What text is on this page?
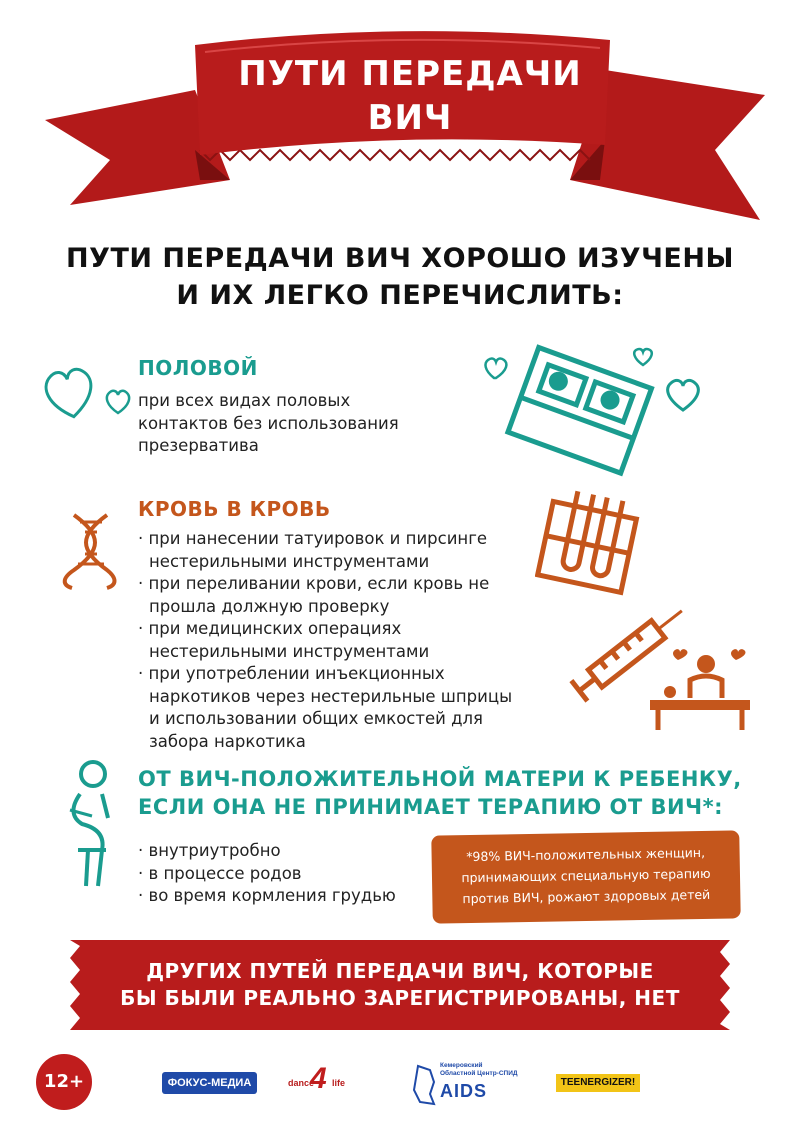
ПУТИ ПЕРЕДАЧИ
ВИЧ
ПУТИ ПЕРЕДАЧИ ВИЧ ХОРОШО ИЗУЧЕНЫ
И ИХ ЛЕГКО ПЕРЕЧИСЛИТЬ:
ПОЛОВОЙ
при всех видах половых
контактов без использования
презерватива
КРОВЬ В КРОВЬ

· при нанесении татуировок и пирсинге нестерильными инструментами

· при переливании крови, если кровь не прошла должную проверку

· при медицинских операциях нестерильными инструментами

· при употреблении инъекционных наркотиков через нестерильные шприцы и использовании общих емкостей для забора наркотика

ОТ ВИЧ-ПОЛОЖИТЕЛЬНОЙ МАТЕРИ К РЕБЕНКУ,
ЕСЛИ ОНА НЕ ПРИНИМАЕТ ТЕРАПИЮ ОТ ВИЧ*:
· внутриутробно
· в процессе родов
· во время кормления грудью
*98% ВИЧ-положительных женщин,
принимающих специальную терапию
против ВИЧ, рожают здоровых детей
ДРУГИХ ПУТЕЙ ПЕРЕДАЧИ ВИЧ, КОТОРЫЕ
БЫ БЫЛИ РЕАЛЬНО ЗАРЕГИСТРИРОВАНЫ, НЕТ
12+	ФОКУС-МЕДИА	dance
4 life
Кемеровский
Областной Центр-СПИД
AIDS	TEENERGIZER!
